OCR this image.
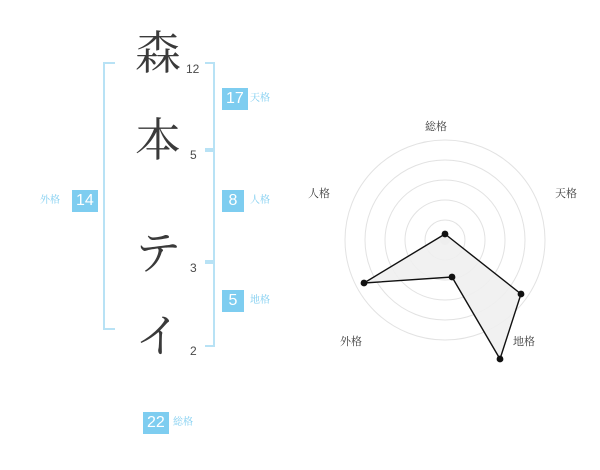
森 12
本 5
テ 3
イ 2
17 天格
8	人格
5	地格
外格 14
22 総格
総格
天格
地格
外格
人格
